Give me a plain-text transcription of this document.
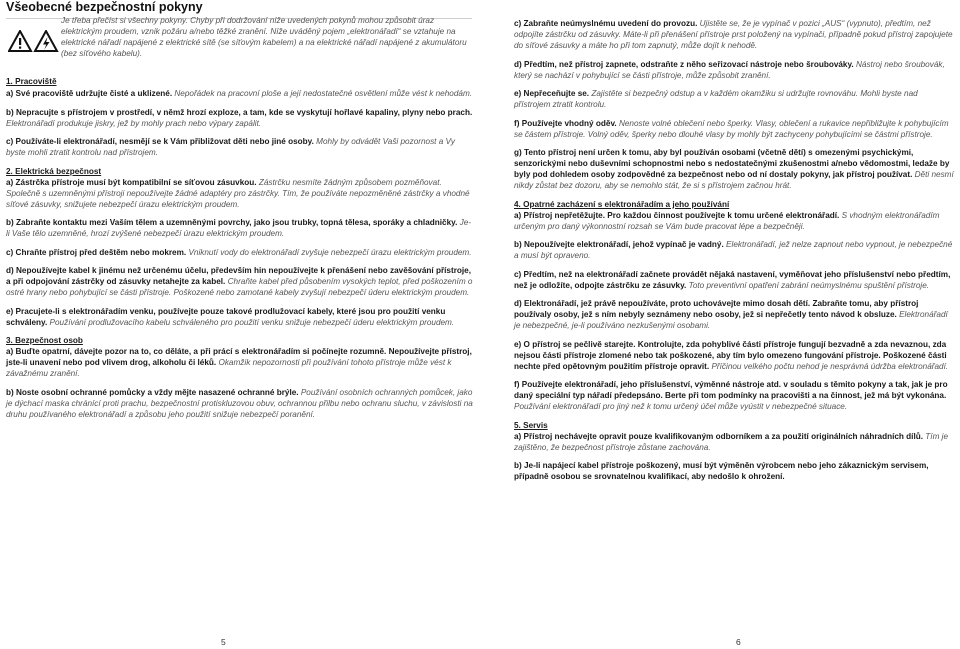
Všeobecné bezpečnostní pokyny

Je třeba přečíst si všechny pokyny. Chyby při dodržování níže uvedených pokynů mohou způsobit úraz elektrickým proudem, vznik požáru a/nebo těžké zranění. Níže uváděný pojem „elektronářadí“ se vztahuje na elektrické nářadí napájené z elektrické sítě (se síťovým kabelem) a na elektrické nářadí napájené z akumulátoru (bez síťového kabelu).

1. Pracoviště

a) Své pracoviště udržujte čisté a uklizené. Nepořádek na pracovní ploše a její nedostatečné osvětlení může vést k nehodám.

b) Nepracujte s přístrojem v prostředí, v němž hrozí exploze, a tam, kde se vyskytují hořlavé kapaliny, plyny nebo prach. Elektronářadí produkuje jiskry, jež by mohly prach nebo výpary zapálit.

c) Používáte-li elektronářadí, nesmějí se k Vám přibližovat děti nebo jiné osoby. Mohly by odvádět Vaši pozornost a Vy byste mohli ztratit kontrolu nad přístrojem.

2. Elektrická bezpečnost

a) Zástrčka přístroje musí být kompatibilní se síťovou zásuvkou. Zástrčku nesmíte žádným způsobem pozměňovat. Společně s uzemněnými přístroji nepoužívejte žádné adaptéry pro zástrčky. Tím, že používáte nepozměněné zástrčky a vhodné síťové zásuvky, snižujete nebezpečí úrazu elektrickým proudem.

b) Zabraňte kontaktu mezi Vaším tělem a uzemněnými povrchy, jako jsou trubky, topná tělesa, sporáky a chladničky. Je-li Vaše tělo uzemněné, hrozí zvýšené nebezpečí úrazu elektrickým proudem.

c) Chraňte přístroj před deštěm nebo mokrem. Vniknutí vody do elektronářadí zvyšuje nebezpečí úrazu elektrickým proudem.

d) Nepoužívejte kabel k jinému než určenému účelu, především hin nepoužívejte k přenášení nebo zavěšování přístroje, a při odpojování zástrčky od zásuvky netahejte za kabel. Chraňte kabel před působením vysokých teplot, před poškozením o ostré hrany nebo pohybující se části přístroje. Poškozené nebo zamotané kabely zvyšují nebezpečí úderu elektrickým proudem.

e) Pracujete-li s elektronářadím venku, používejte pouze takové prodlužovací kabely, které jsou pro použití venku schváleny. Používání prodlužovacího kabelu schváleného pro použití venku snižuje nebezpečí úderu elektrickým proudem.

3. Bezpečnost osob

a) Buďte opatrní, dávejte pozor na to, co děláte, a při prácí s elektronářadím si počínejte rozumně. Nepoužívejte přístroj, jste-li unavení nebo pod vlivem drog, alkoholu či léků. Okamžik nepozornosti při používání tohoto přístroje může vést k závažnému zranění.

b) Noste osobní ochranné pomůcky a vždy mějte nasazené ochranné brýle. Používání osobních ochranných pomůcek, jako je dýchací maska chránící proti prachu, bezpečnostní protiskluzovou obuv, ochrannou přilbu nebo ochranu sluchu, v závislosti na druhu používaného elektronářadí a způsobu jeho použití snižuje nebezpečí poranění.

c) Zabraňte neúmyslnému uvedení do provozu. Ujistěte se, že je vypínač v pozici „AUS“ (vypnuto), předtím, než odpojíte zástrčku od zásuvky. Máte-li při přenášení přístroje prst položený na vypínači, případně pokud přístroj zapojujete do síťové zásuvky a máte ho při tom zapnutý, může dojít k nehodě.

d) Předtím, než přístroj zapnete, odstraňte z něho seřizovací nástroje nebo šroubováky. Nástroj nebo šroubovák, který se nachází v pohybující se části přístroje, může způsobit zranění.

e) Nepřeceňujte se. Zajistěte si bezpečný odstup a v každém okamžiku si udržujte rovnováhu. Mohli byste nad přístrojem ztratit kontrolu.

f) Používejte vhodný oděv. Nenoste volné oblečení nebo šperky. Vlasy, oblečení a rukavice nepřibližujte k pohybujícím se částem přístroje. Volný oděv, šperky nebo dlouhé vlasy by mohly být zachyceny pohybujícími se částmi přístroje.

g) Tento přístroj není určen k tomu, aby byl používán osobami (včetně dětí) s omezenými psychickými, senzorickými nebo duševními schopnostmi nebo s nedostatečnými zkušenostmi a/nebo vědomostmi, ledaže by byly pod dohledem osoby zodpovědné za bezpečnost nebo od ní dostaly pokyny, jak přístroj používat. Děti nesmí nikdy zůstat bez dozoru, aby se nemohlo stát, že si s přístrojem začnou hrát.

4. Opatrné zacházení s elektronářadím a jeho používání

a) Přístroj nepřetěžujte. Pro každou činnost používejte k tomu určené elektronářadí. S vhodným elektronářadím určeným pro daný výkonnostní rozsah se Vám bude pracovat lépe a bezpečněji.

b) Nepoužívejte elektronářadí, jehož vypínač je vadný. Elektronářadí, jež nelze zapnout nebo vypnout, je nebezpečné a musí být opraveno.

c) Předtím, než na elektronářadí začnete provádět nějaká nastavení, vyměňovat jeho příslušenství nebo předtím, než je odložíte, odpojte zástrčku ze zásuvky. Toto preventivní opatření zabrání neúmyslnému spuštění přístroje.

d) Elektronářadí, jež právě nepoužíváte, proto uchovávejte mimo dosah dětí. Zabraňte tomu, aby přístroj používaly osoby, jež s ním nebyly seznámeny nebo osoby, jež si nepřečetly tento návod k obsluze. Elektronářadí je nebezpečné, je-li používáno nezkušenými osobami.

e) O přístroj se pečlivě starejte. Kontrolujte, zda pohyblivé části přístroje fungují bezvadně a zda nevaznou, zda nejsou části přístroje zlomené nebo tak poškozené, aby tím bylo omezeno fungování přístroje. Poškozené části nechte před opětovným použitím přístroje opravit. Příčinou velkého počtu nehod je nesprávná údržba elektronářadí.

f) Používejte elektronářadí, jeho příslušenství, výměnné nástroje atd. v souladu s těmito pokyny a tak, jak je pro daný speciální typ nářadí předepsáno. Berte při tom podmínky na pracovišti a na činnost, jež má být vykonána. Používání elektronářadí pro jiný než k tomu určený účel může vyústit v nebezpečné situace.

5. Servis

a) Přístroj nechávejte opravit pouze kvalifikovaným odborníkem a za použití originálních náhradních dílů. Tím je zajištěno, že bezpečnost přístroje zůstane zachována.

b) Je-li napájecí kabel přístroje poškozený, musí být výměněn výrobcem nebo jeho zákaznickým servisem, případně osobou se srovnatelnou kvalifikací, aby nedošlo k ohrožení.

5	6
